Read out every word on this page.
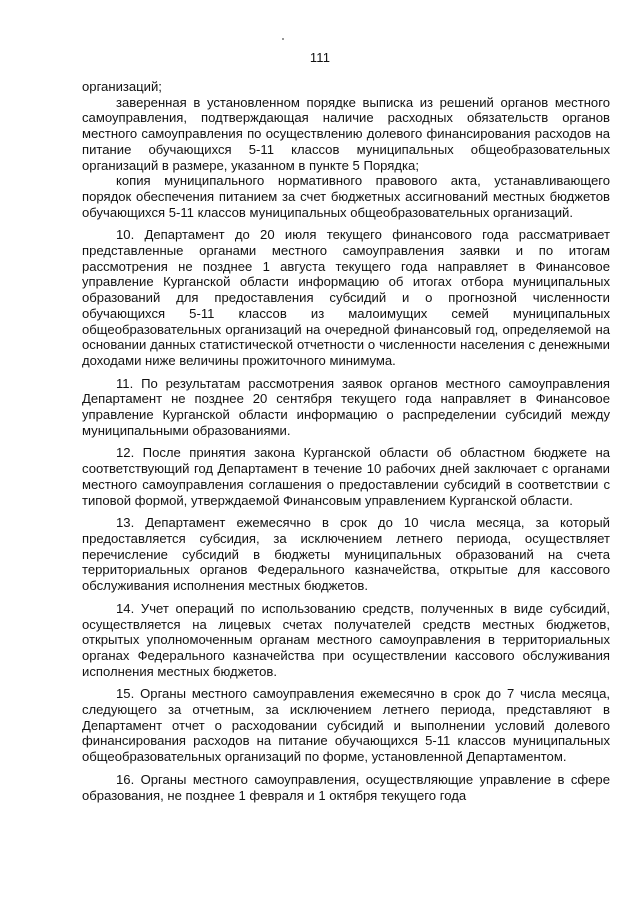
111

организаций;

заверенная в установленном порядке выписка из решений органов местного самоуправления, подтверждающая наличие расходных обязательств органов местного самоуправления по осуществлению долевого финансирования расходов на питание обучающихся 5-11 классов муниципальных общеобразовательных организаций в размере, указанном в пункте 5 Порядка;

копия муниципального нормативного правового акта, устанавливающего порядок обеспечения питанием за счет бюджетных ассигнований местных бюджетов обучающихся 5-11 классов муниципальных общеобразовательных организаций.

10. Департамент до 20 июля текущего финансового года рассматривает представленные органами местного самоуправления заявки и по итогам рассмотрения не позднее 1 августа текущего года направляет в Финансовое управление Курганской области информацию об итогах отбора муниципальных образований для предоставления субсидий и о прогнозной численности обучающихся 5-11 классов из малоимущих семей муниципальных общеобразовательных организаций на очередной финансовый год, определяемой на основании данных статистической отчетности о численности населения с денежными доходами ниже величины прожиточного минимума.

11. По результатам рассмотрения заявок органов местного самоуправления Департамент не позднее 20 сентября текущего года направляет в Финансовое управление Курганской области информацию о распределении субсидий между муниципальными образованиями.

12. После принятия закона Курганской области об областном бюджете на соответствующий год Департамент в течение 10 рабочих дней заключает с органами местного самоуправления соглашения о предоставлении субсидий в соответствии с типовой формой, утверждаемой Финансовым управлением Курганской области.

13. Департамент ежемесячно в срок до 10 числа месяца, за который предоставляется субсидия, за исключением летнего периода, осуществляет перечисление субсидий в бюджеты муниципальных образований на счета территориальных органов Федерального казначейства, открытые для кассового обслуживания исполнения местных бюджетов.

14. Учет операций по использованию средств, полученных в виде субсидий, осуществляется на лицевых счетах получателей средств местных бюджетов, открытых уполномоченным органам местного самоуправления в территориальных органах Федерального казначейства при осуществлении кассового обслуживания исполнения местных бюджетов.

15. Органы местного самоуправления ежемесячно в срок до 7 числа месяца, следующего за отчетным, за исключением летнего периода, представляют в Департамент отчет о расходовании субсидий и выполнении условий долевого финансирования расходов на питание обучающихся 5-11 классов муниципальных общеобразовательных организаций по форме, установленной Департаментом.

16. Органы местного самоуправления, осуществляющие управление в сфере образования, не позднее 1 февраля и 1 октября текущего года
